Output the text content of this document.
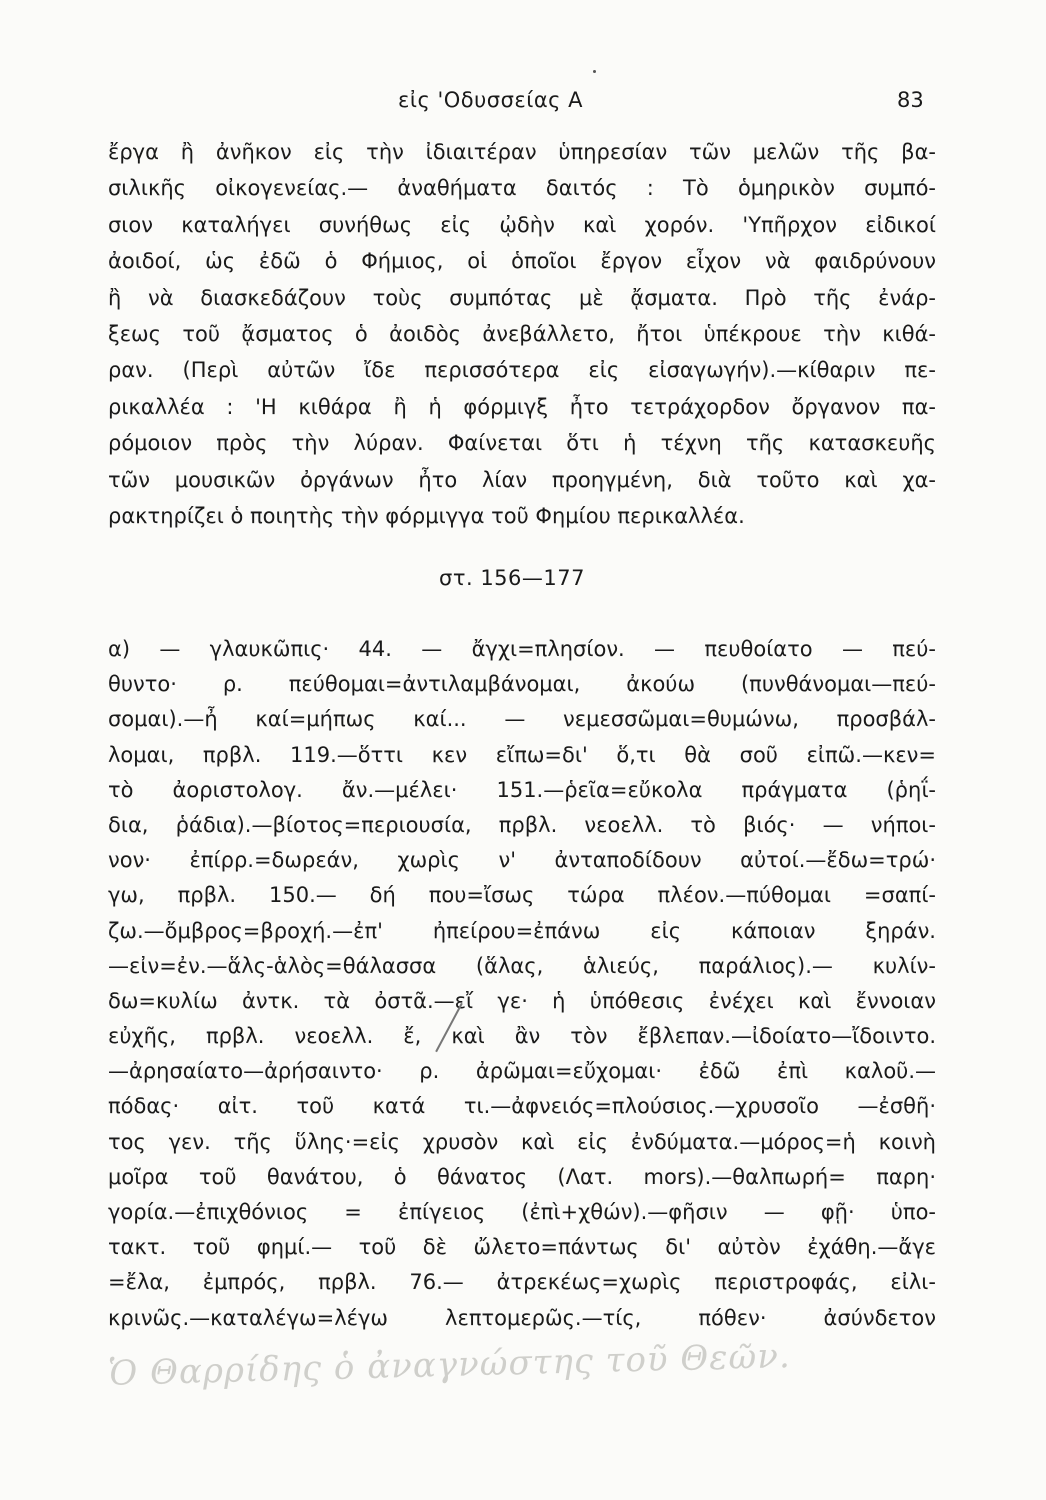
εἰς 'Οδυσσείας Α	83
ἔργα ἢ ἀνῆκον εἰς τὴν ἰδιαιτέραν ὑπηρεσίαν τῶν μελῶν τῆς βα-
σιλικῆς οἰκογενείας.— ἀναθήματα δαιτός : Τὸ ὁμηρικὸν συμπό-
σιον καταλήγει συνήθως εἰς ᾠδὴν καὶ χορόν. 'Υπῆρχον εἰδικοί
ἀοιδοί, ὡς ἐδῶ ὁ Φήμιος, οἱ ὁποῖοι ἔργον εἶχον νὰ φαιδρύνουν
ἢ νὰ διασκεδάζουν τοὺς συμπότας μὲ ᾄσματα. Πρὸ τῆς ἐνάρ-
ξεως τοῦ ᾄσματος ὁ ἀοιδὸς ἀνεβάλλετο, ἤτοι ὑπέκρουε τὴν κιθά-
ραν. (Περὶ αὐτῶν ἴδε περισσότερα εἰς εἰσαγωγήν).—κίθαριν πε-
ρικαλλέα : 'Η κιθάρα ἢ ἡ φόρμιγξ ἦτο τετράχορδον ὄργανον πα-
ρόμοιον πρὸς τὴν λύραν. Φαίνεται ὅτι ἡ τέχνη τῆς κατασκευῆς
τῶν μουσικῶν ὀργάνων ἦτο λίαν προηγμένη, διὰ τοῦτο καὶ χα-
ρακτηρίζει ὁ ποιητὴς τὴν φόρμιγγα τοῦ Φημίου περικαλλέα.
στ. 156—177
α) — γλαυκῶπις· 44. — ἄγχι=πλησίον. — πευθοίατο — πεύ-
θυντο· ρ. πεύθομαι=ἀντιλαμβάνομαι, ἀκούω (πυνθάνομαι—πεύ-
σομαι).—ἦ καί=μήπως καί... — νεμεσσῶμαι=θυμώνω, προσβάλ-
λομαι, πρβλ. 119.—ὅττι κεν εἴπω=δι' ὅ,τι θὰ σοῦ εἰπῶ.—κεν=
τὸ ἀοριστολογ. ἄν.—μέλει· 151.—ῥεῖα=εὔκολα πράγματα (ῥηΐ-
δια, ῥάδια).—βίοτος=περιουσία, πρβλ. νεοελλ. τὸ βιός· — νήποι-
νον· ἐπίρρ.=δωρεάν, χωρὶς ν' ἀνταποδίδουν αὐτοί.—ἔδω=τρώ·
γω, πρβλ. 150.— δή που=ἴσως τώρα πλέον.—πύθομαι =σαπί-
ζω.—ὄμβρος=βροχή.—ἐπ' ἠπείρου=ἐπάνω εἰς κάποιαν ξηράν.
—εἰν=ἐν.—ἅλς-ἁλὸς=θάλασσα (ἅλας, ἁλιεύς, παράλιος).— κυλίν-
δω=κυλίω ἀντκ. τὰ ὀστᾶ.—εἴ γε· ἡ ὑπόθεσις ἐνέχει καὶ ἔννοιαν
εὐχῆς, πρβλ. νεοελλ. ἔ, καὶ ἂν τὸν ἔβλεπαν.—ἰδοίατο—ἴδοιντο.
—ἀρησαίατο—ἀρήσαιντο· ρ. ἀρῶμαι=εὔχομαι· ἐδῶ ἐπὶ καλοῦ.—
πόδας· αἰτ. τοῦ κατά τι.—ἀφνειός=πλούσιος.—χρυσοῖο —ἐσθῆ·
τος γεν. τῆς ὕλης·=εἰς χρυσὸν καὶ εἰς ἐνδύματα.—μόρος=ἡ κοινὴ
μοῖρα τοῦ θανάτου, ὁ θάνατος (Λατ. mors).—θαλπωρή= παρη·
γορία.—ἐπιχθόνιος = ἐπίγειος (ἐπὶ+χθών).—φῆσιν — φῇ· ὑπο-
τακτ. τοῦ φημί.— τοῦ δὲ ὤλετο=πάντως δι' αὐτὸν ἐχάθη.—ἄγε
=ἔλα, ἐμπρός, πρβλ. 76.— ἀτρεκέως=χωρὶς περιστροφάς, εἰλι-
κρινῶς.—καταλέγω=λέγω λεπτομερῶς.—τίς, πόθεν· ἀσύνδετον
Ὁ Θαρρίδης ὁ ἀναγνώστης τοῦ Θεῶν.
